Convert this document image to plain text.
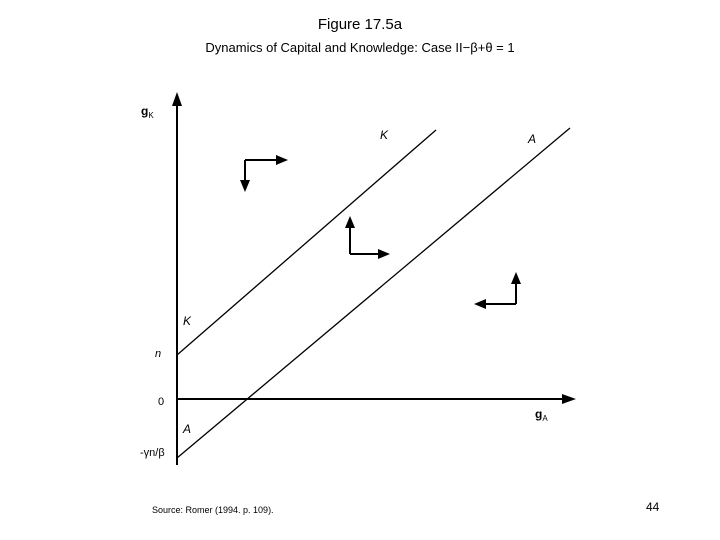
Figure 17.5a
Dynamics of Capital and Knowledge: Case II−β+θ = 1
$g_K$
$g_A$
n
0
-γn/β
K	A
K
A
Source: Romer (1994. p. 109).	44
